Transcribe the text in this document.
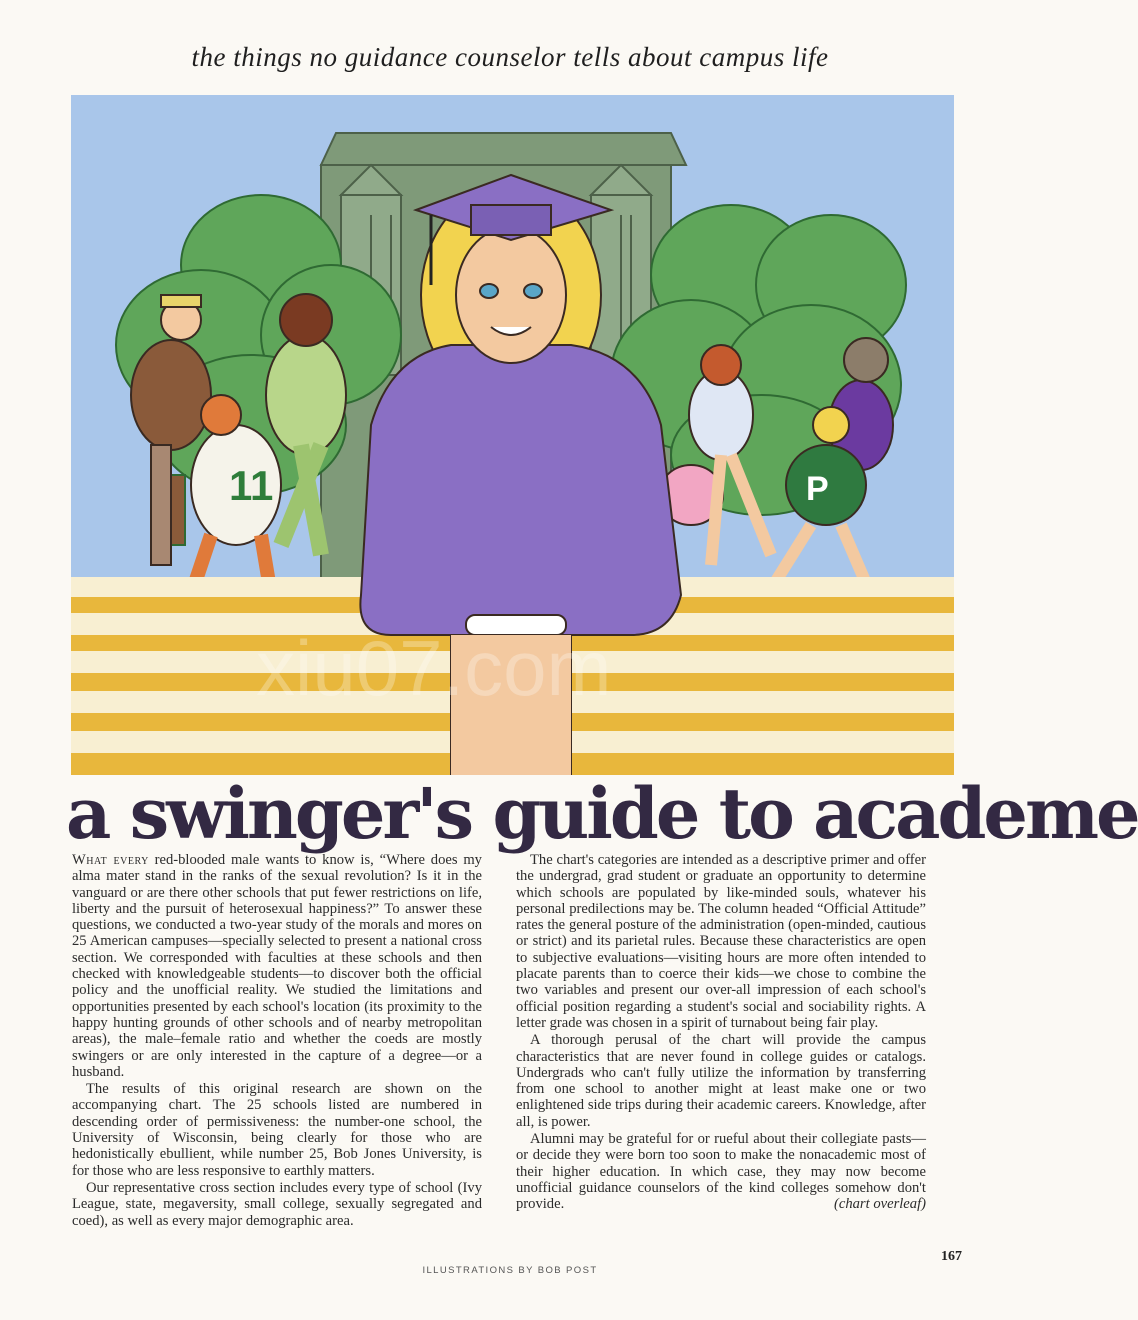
the things no guidance counselor tells about campus life
11	P
xiu07.com
a swinger's guide to academe

What every red-blooded male wants to know is, “Where does my alma mater stand in the ranks of the sexual revolution? Is it in the vanguard or are there other schools that put fewer restrictions on life, liberty and the pursuit of heterosexual happiness?” To answer these questions, we conducted a two-year study of the morals and mores on 25 American campuses—specially selected to present a national cross section. We corresponded with faculties at these schools and then checked with knowledgeable students—to discover both the official policy and the unofficial reality. We studied the limitations and opportunities presented by each school's location (its proximity to the happy hunting grounds of other schools and of nearby metropolitan areas), the male–female ratio and whether the coeds are mostly swingers or are only interested in the capture of a degree—or a husband.

The results of this original research are shown on the accompanying chart. The 25 schools listed are numbered in descending order of permissiveness: the number-one school, the University of Wisconsin, being clearly for those who are hedonistically ebullient, while number 25, Bob Jones University, is for those who are less responsive to earthly matters.

Our representative cross section includes every type of school (Ivy League, state, megaversity, small college, sexually segregated and coed), as well as every major demographic area.

The chart's categories are intended as a descriptive primer and offer the undergrad, grad student or graduate an opportunity to determine which schools are populated by like-minded souls, whatever his personal predilections may be. The column headed “Official Attitude” rates the general posture of the administration (open-minded, cautious or strict) and its parietal rules. Because these characteristics are open to subjective evaluations—visiting hours are more often intended to placate parents than to coerce their kids—we chose to combine the two variables and present our over-all impression of each school's official position regarding a student's social and sociability rights. A letter grade was chosen in a spirit of turnabout being fair play.

A thorough perusal of the chart will provide the campus characteristics that are never found in college guides or catalogs. Undergrads who can't fully utilize the information by transferring from one school to another might at least make one or two enlightened side trips during their academic careers. Knowledge, after all, is power.

Alumni may be grateful for or rueful about their collegiate pasts—or decide they were born too soon to make the nonacademic most of their higher education. In which case, they may now become unofficial guidance counselors of the kind colleges somehow don't provide.	(chart overleaf)

ILLUSTRATIONS BY BOB POST
167
